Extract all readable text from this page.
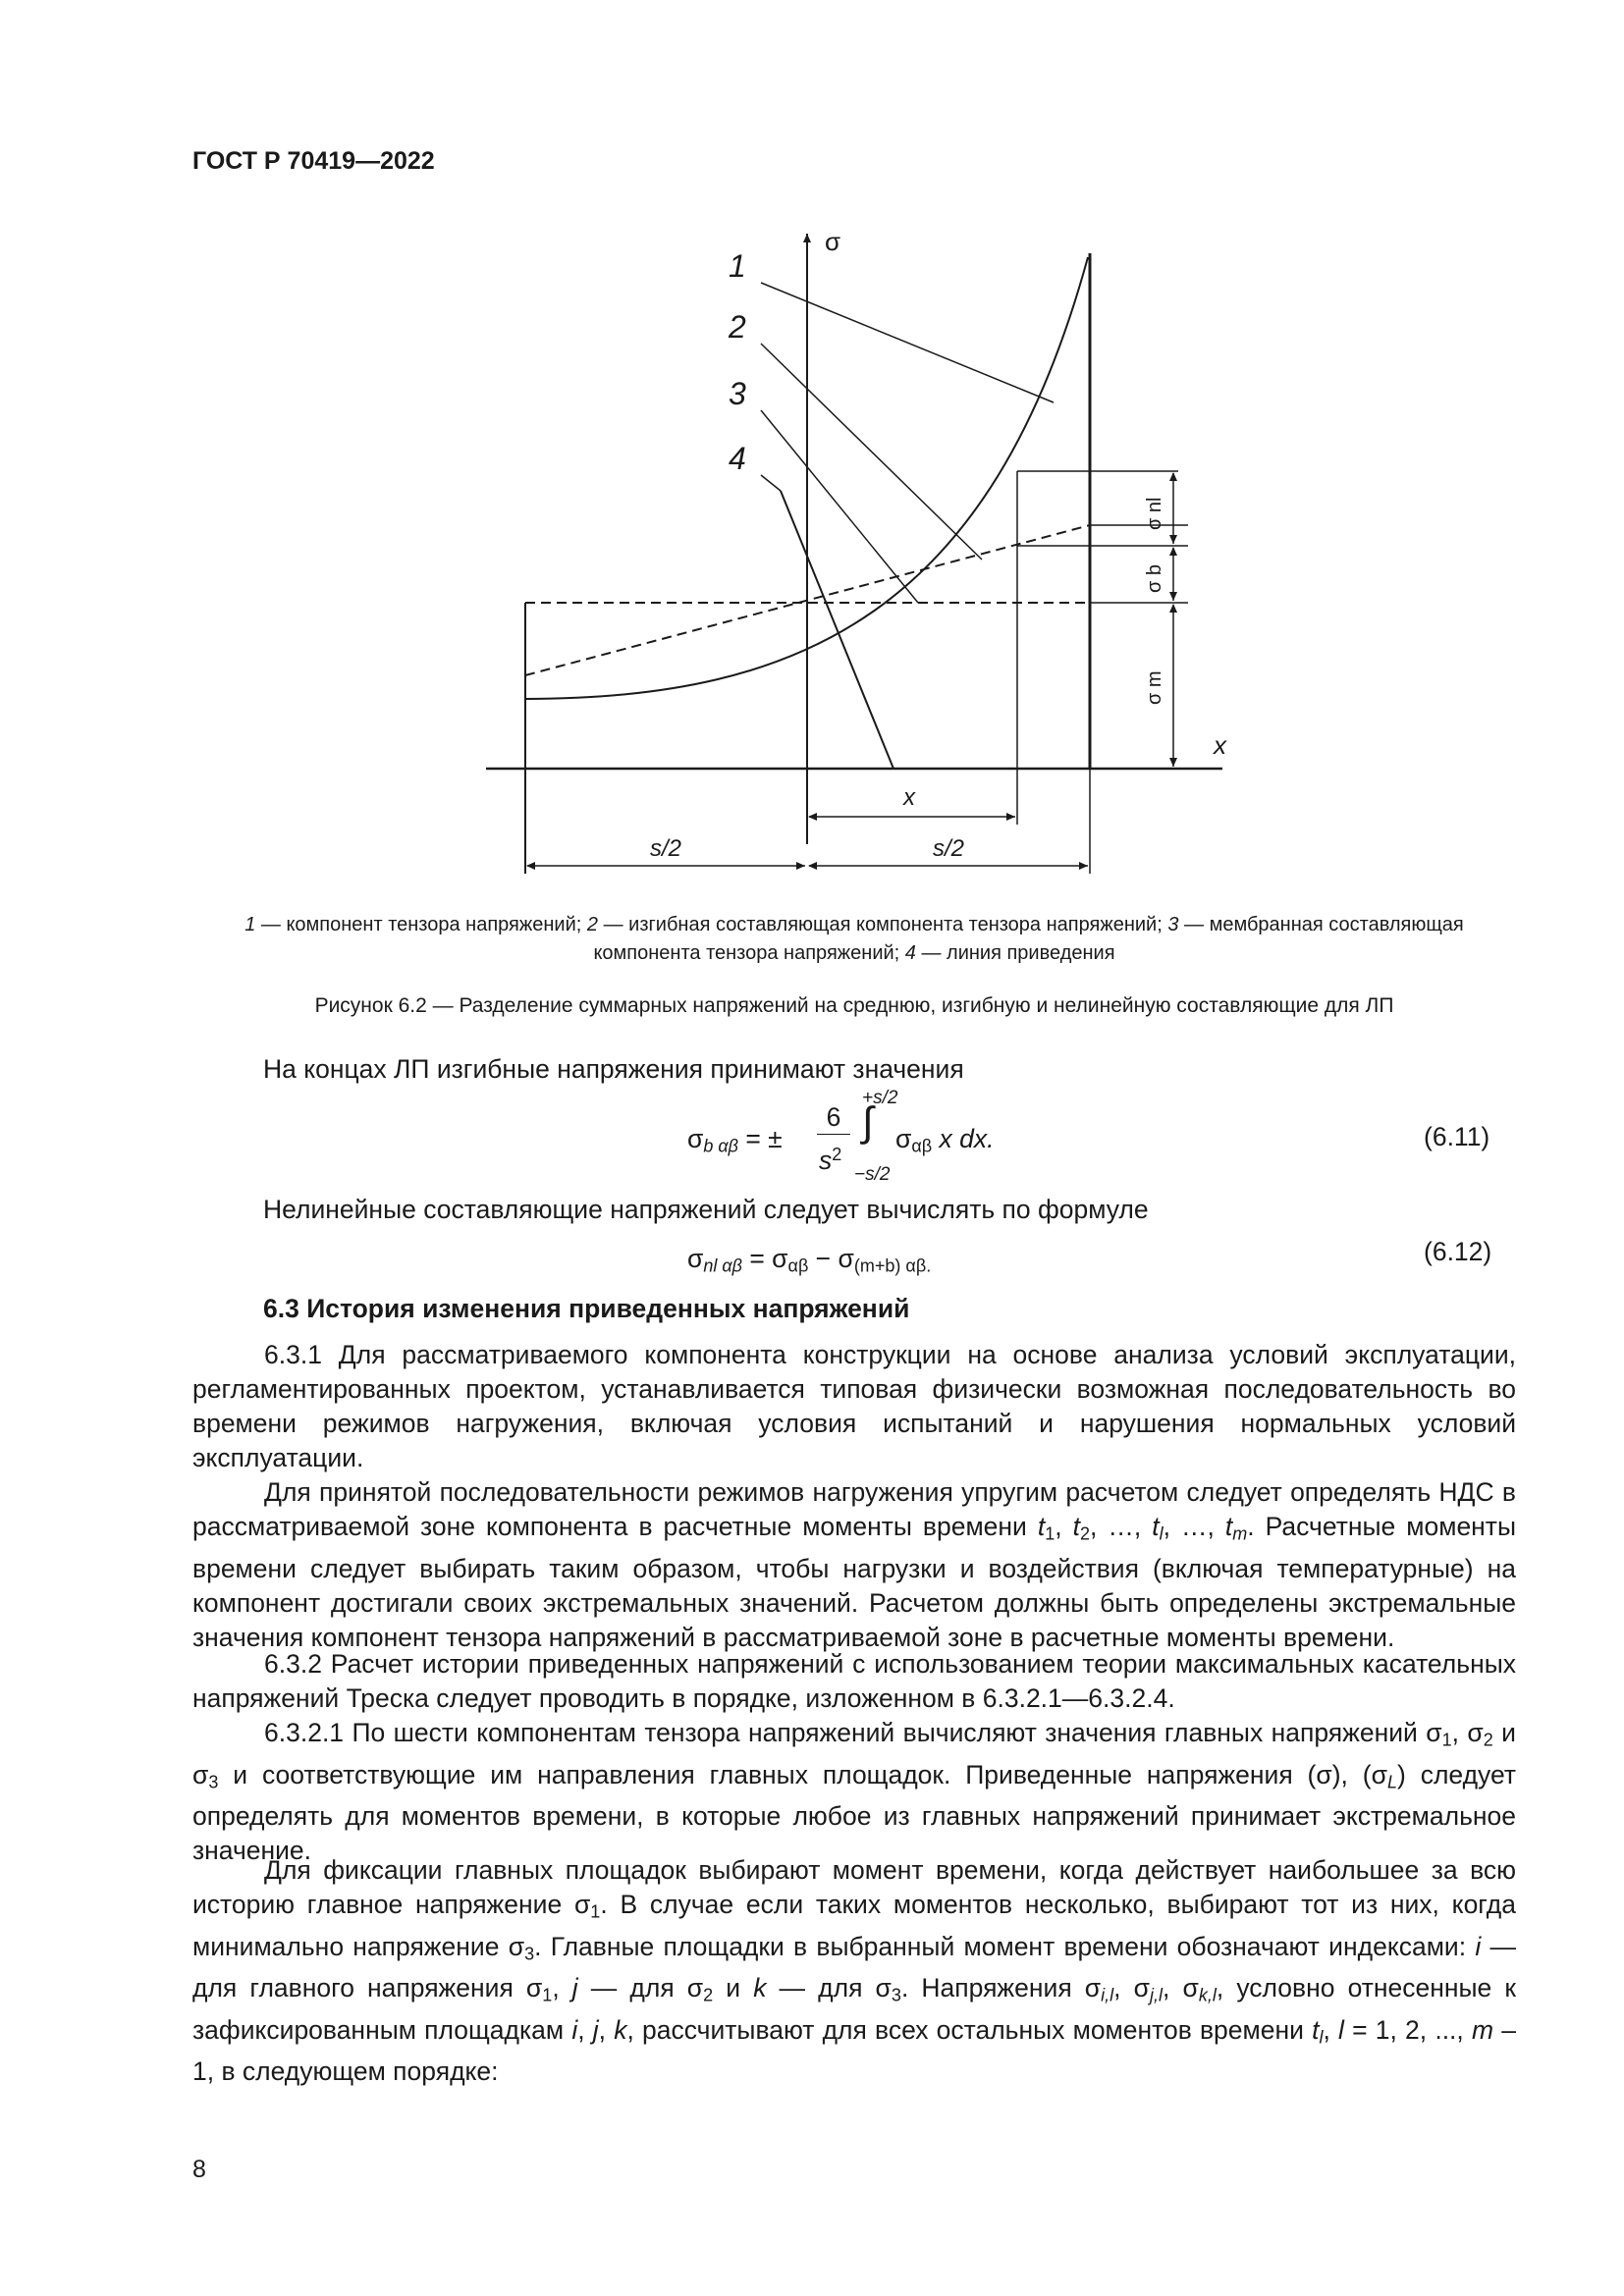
ГОСТ Р 70419—2022
1
2
3
4
σ
x
x
s/2	s/2
σ nl
σ b
σ m
1 — компонент тензора напряжений; 2 — изгибная составляющая компонента тензора напряжений; 3 — мембранная составляющая компонента тензора напряжений; 4 — линия приведения
Рисунок 6.2 — Разделение суммарных напряжений на среднюю, изгибную и нелинейную составляющие для ЛП
На концах ЛП изгибные напряжения принимают значения
$\sigma_{b \alpha\beta}$ = ±
6
$s^2$
+s/2
∫
−s/2
$\sigma_{\alpha\beta}$ x dx.	(6.11)
Нелинейные составляющие напряжений следует вычислять по формуле
$\sigma_{nl \alpha\beta} = \sigma_{\alpha\beta} - \sigma_{(m+b) \alpha\beta.}$	(6.12)
6.3 История изменения приведенных напряжений
6.3.1 Для рассматриваемого компонента конструкции на основе анализа условий эксплуатации, регламентированных проектом, устанавливается типовая физически возможная последовательность во времени режимов нагружения, включая условия испытаний и нарушения нормальных условий эксплуатации.
Для принятой последовательности режимов нагружения упругим расчетом следует определять НДС в рассматриваемой зоне компонента в расчетные моменты времени $t_1$, $t_2$, …, $t_l$, …, $t_m$. Расчетные моменты времени следует выбирать таким образом, чтобы нагрузки и воздействия (включая температурные) на компонент достигали своих экстремальных значений. Расчетом должны быть определены экстремальные значения компонент тензора напряжений в рассматриваемой зоне в расчетные моменты времени.
6.3.2 Расчет истории приведенных напряжений с использованием теории максимальных касательных напряжений Треска следует проводить в порядке, изложенном в 6.3.2.1—6.3.2.4.
6.3.2.1 По шести компонентам тензора напряжений вычисляют значения главных напряжений $\sigma_1$, $\sigma_2$ и $\sigma_3$ и соответствующие им направления главных площадок. Приведенные напряжения (σ), $(\sigma_L)$ следует определять для моментов времени, в которые любое из главных напряжений принимает экстремальное значение.
Для фиксации главных площадок выбирают момент времени, когда действует наибольшее за всю историю главное напряжение $\sigma_1$. В случае если таких моментов несколько, выбирают тот из них, когда минимально напряжение $\sigma_3$. Главные площадки в выбранный момент времени обозначают индексами: i — для главного напряжения $\sigma_1$, j — для $\sigma_2$ и k — для $\sigma_3$. Напряжения $\sigma_{i,l}$, $\sigma_{j,l}$, $\sigma_{k,l}$, условно отнесенные к зафиксированным площадкам i, j, k, рассчитывают для всех остальных моментов времени $t_l$, l = 1, 2, ..., m – 1, в следующем порядке:
8
